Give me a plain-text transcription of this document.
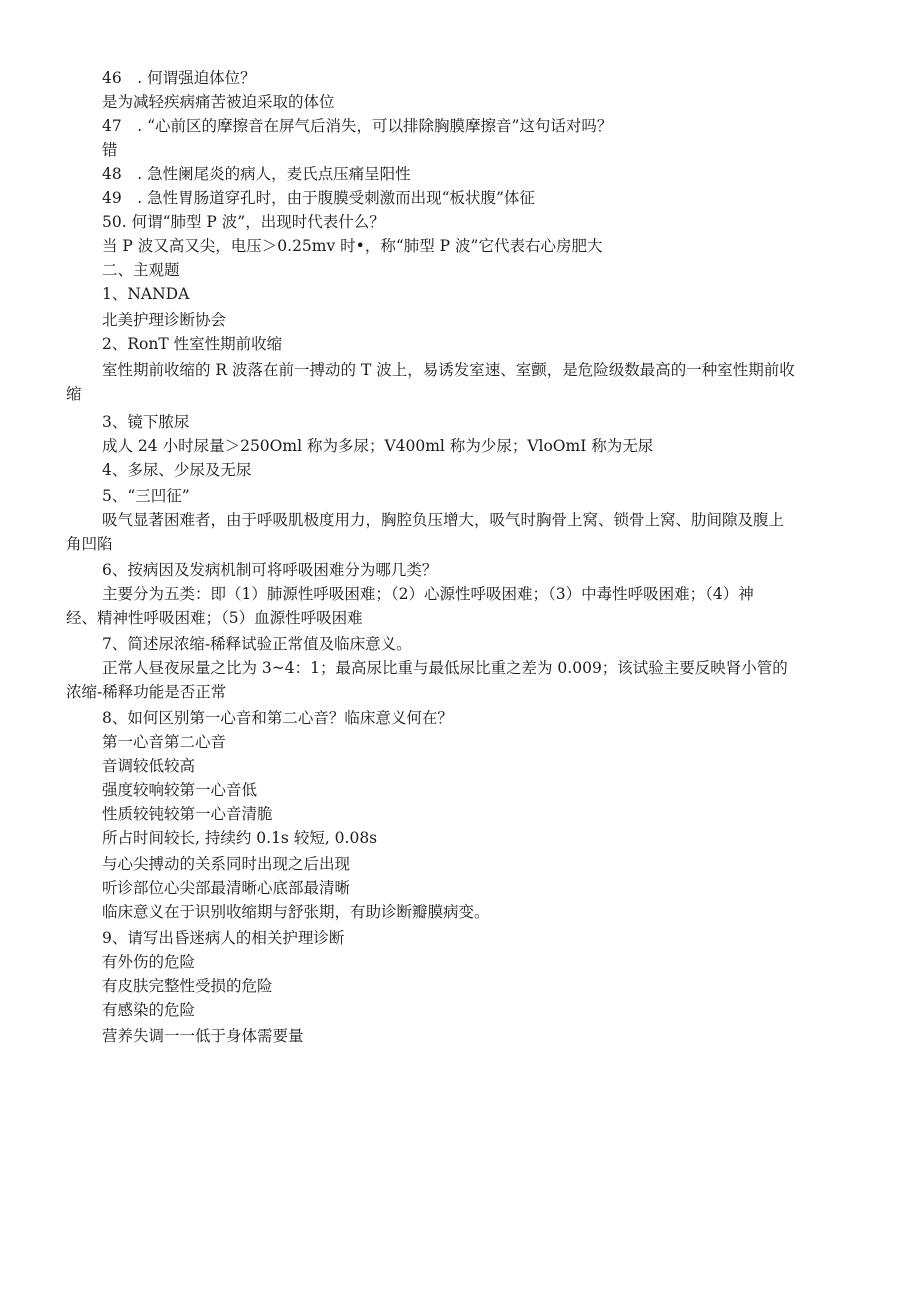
46　. 何谓强迫体位？
是为减轻疾病痛苦被迫采取的体位
47　. “心前区的摩擦音在屏气后消失，可以排除胸膜摩擦音”这句话对吗？
错
48　. 急性阑尾炎的病人，麦氏点压痛呈阳性
49　. 急性胃肠道穿孔时，由于腹膜受刺激而出现“板状腹”体征
50. 何谓“肺型 P 波”，出现时代表什么？
当 P 波又高又尖，电压＞0.25mv 时•，称“肺型 P 波”它代表右心房肥大
二、主观题
1、NANDA
北美护理诊断协会
2、RonT 性室性期前收缩
室性期前收缩的 R 波落在前一搏动的 T 波上，易诱发室速、室颤，是危险级数最高的一种室性期前收
缩
3、镜下脓尿
成人 24 小时尿量＞250Oml 称为多尿；V400ml 称为少尿；VloOmI 称为无尿
4、多尿、少尿及无尿
5、“三凹征”
吸气显著困难者，由于呼吸肌极度用力，胸腔负压增大，吸气时胸骨上窝、锁骨上窝、肋间隙及腹上
角凹陷
6、按病因及发病机制可将呼吸困难分为哪几类？
主要分为五类：即（1）肺源性呼吸困难；（2）心源性呼吸困难；（3）中毒性呼吸困难；（4）神
经、精神性呼吸困难；（5）血源性呼吸困难
7、简述尿浓缩-稀释试验正常值及临床意义。
正常人昼夜尿量之比为 3~4：1；最高尿比重与最低尿比重之差为 0.009；该试验主要反映肾小管的
浓缩-稀释功能是否正常
8、如何区别第一心音和第二心音？临床意义何在？
第一心音第二心音
音调较低较高
强度较响较第一心音低
性质较钝较第一心音清脆
所占时间较长, 持续约 0.1s 较短, 0.08s
与心尖搏动的关系同时出现之后出现
听诊部位心尖部最清晰心底部最清晰
临床意义在于识别收缩期与舒张期，有助诊断瓣膜病变。
9、请写出昏迷病人的相关护理诊断
有外伤的危险
有皮肤完整性受损的危险
有感染的危险
营养失调一一低于身体需要量
